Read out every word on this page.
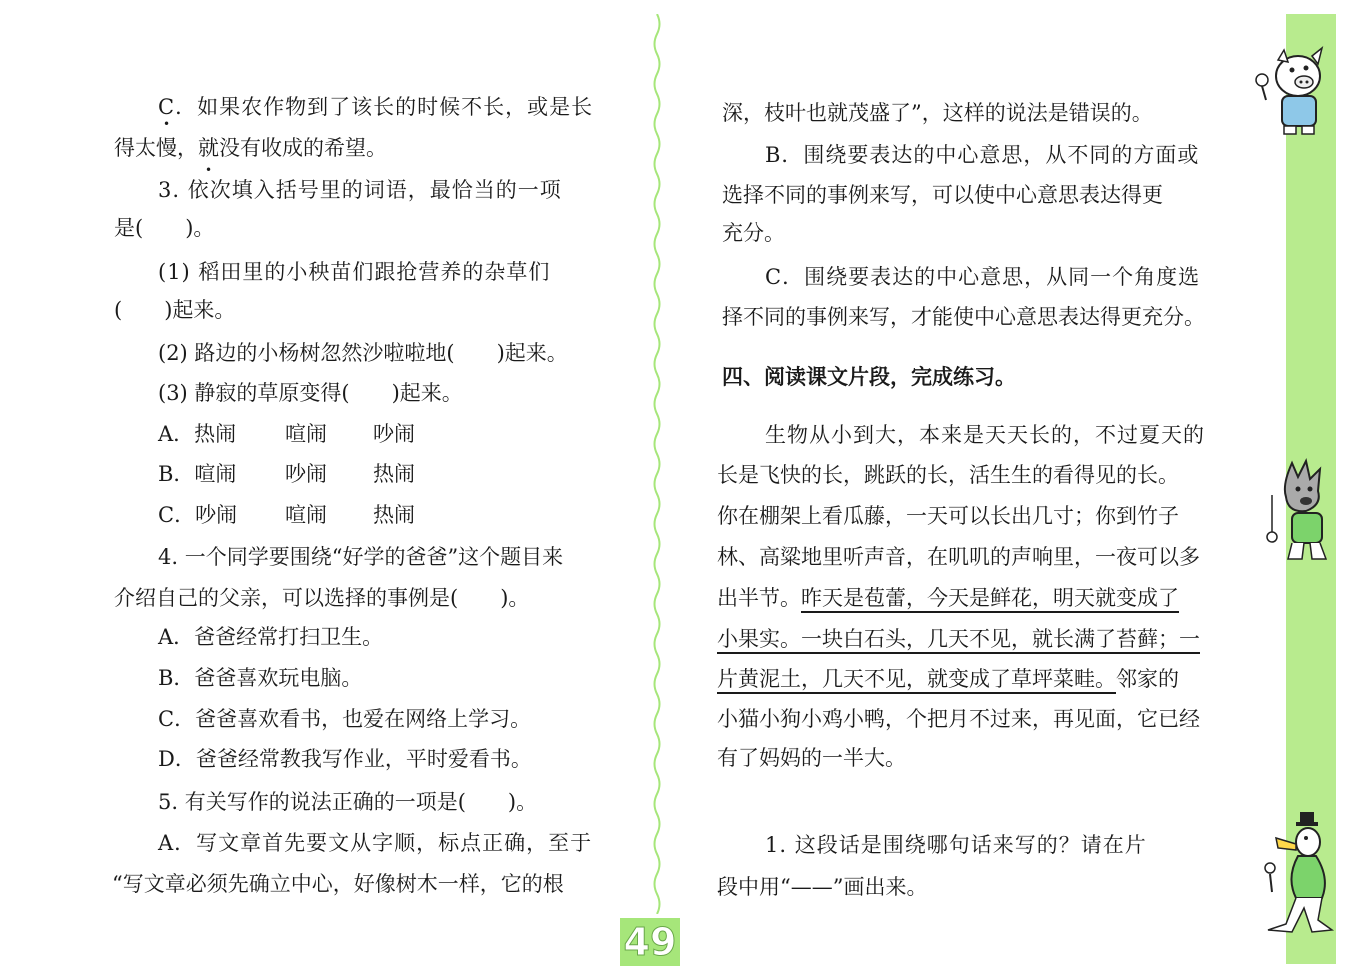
C．如果农作物到了该长的时候不长，或是长
得太慢，就没有收成的希望。
3. 依次填入括号里的词语，最恰当的一项
是(　　)。
(1) 稻田里的小秧苗们跟抢营养的杂草们
(　　)起来。
(2) 路边的小杨树忽然沙啦啦地(　　)起来。
(3) 静寂的草原变得(　　)起来。
A．热闹 喧闹 吵闹
B．喧闹 吵闹 热闹
C．吵闹 喧闹 热闹
4. 一个同学要围绕“好学的爸爸”这个题目来
介绍自己的父亲，可以选择的事例是(　　)。
A．爸爸经常打扫卫生。
B．爸爸喜欢玩电脑。
C．爸爸喜欢看书，也爱在网络上学习。
D．爸爸经常教我写作业，平时爱看书。
5. 有关写作的说法正确的一项是(　　)。
A．写文章首先要文从字顺，标点正确，至于
“写文章必须先确立中心，好像树木一样，它的根
深，枝叶也就茂盛了”，这样的说法是错误的。
B．围绕要表达的中心意思，从不同的方面或
选择不同的事例来写，可以使中心意思表达得更
充分。
C．围绕要表达的中心意思，从同一个角度选
择不同的事例来写，才能使中心意思表达得更充分。
四、阅读课文片段，完成练习。
生物从小到大，本来是天天长的，不过夏天的
长是飞快的长，跳跃的长，活生生的看得见的长。
你在棚架上看瓜藤，一天可以长出几寸；你到竹子
林、高粱地里听声音，在叽叽的声响里，一夜可以多
出半节。昨天是苞蕾，今天是鲜花，明天就变成了
小果实。一块白石头，几天不见，就长满了苔藓；一
片黄泥土，几天不见，就变成了草坪菜畦。邻家的
小猫小狗小鸡小鸭，个把月不过来，再见面，它已经
有了妈妈的一半大。
1. 这段话是围绕哪句话来写的？请在片
段中用“——”画出来。
49
